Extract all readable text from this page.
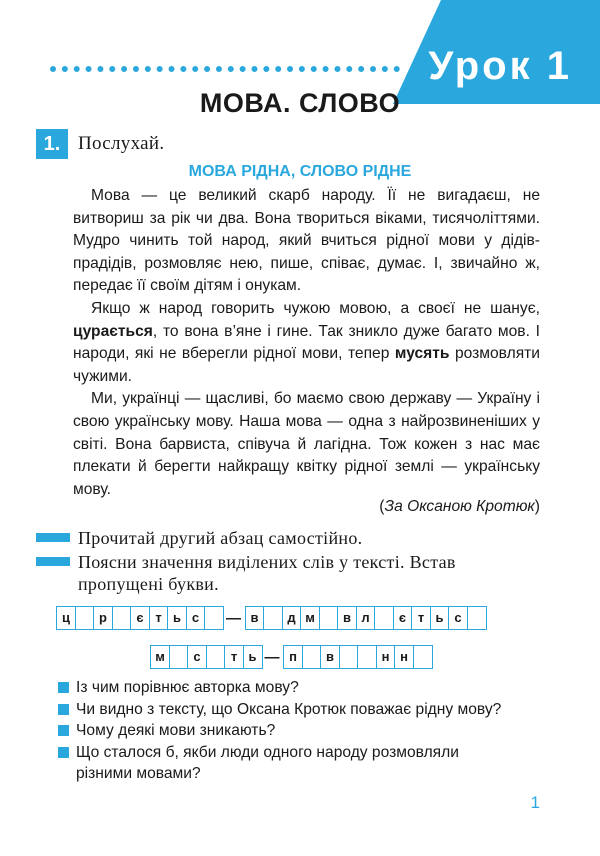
Урок 1
МОВА. СЛОВО
1. Послухай.
МОВА РІДНА, СЛОВО РІДНЕ

Мова — це великий скарб народу. Її не вигадаєш, не витвориш за рік чи два. Вона твориться віками, тисячоліттями. Мудро чинить той народ, який вчиться рідної мови у дідів-прадідів, розмовляє нею, пише, співає, думає. І, звичайно ж, передає її своїм дітям і онукам.

Якщо ж народ говорить чужою мовою, а своєї не шанує, цурається, то вона в’яне і гине. Так зникло дуже багато мов. І народи, які не вберегли рідної мови, тепер мусять розмовляти чужими.

Ми, українці — щасливі, бо маємо свою державу — Україну і свою українську мову. Наша мова — одна з найрозвиненіших у світі. Вона барвиста, співуча й лагідна. Тож кожен з нас має плекати й берегти найкращу квітку рідної землі — українську мову.

(За Оксаною Кротюк)
Прочитай другий абзац самостійно.
Поясни значення виділених слів у тексті. Встав пропущені букви.
ц	р	є т ь с	— в	д м	в л	є т ь с
м	с	т ь — п	в	н н
Із чим порівнює авторка мову?
Чи видно з тексту, що Оксана Кротюк поважає рідну мову?
Чому деякі мови зникають?
Що сталося б, якби люди одного народу розмовляли різними мовами?
1
